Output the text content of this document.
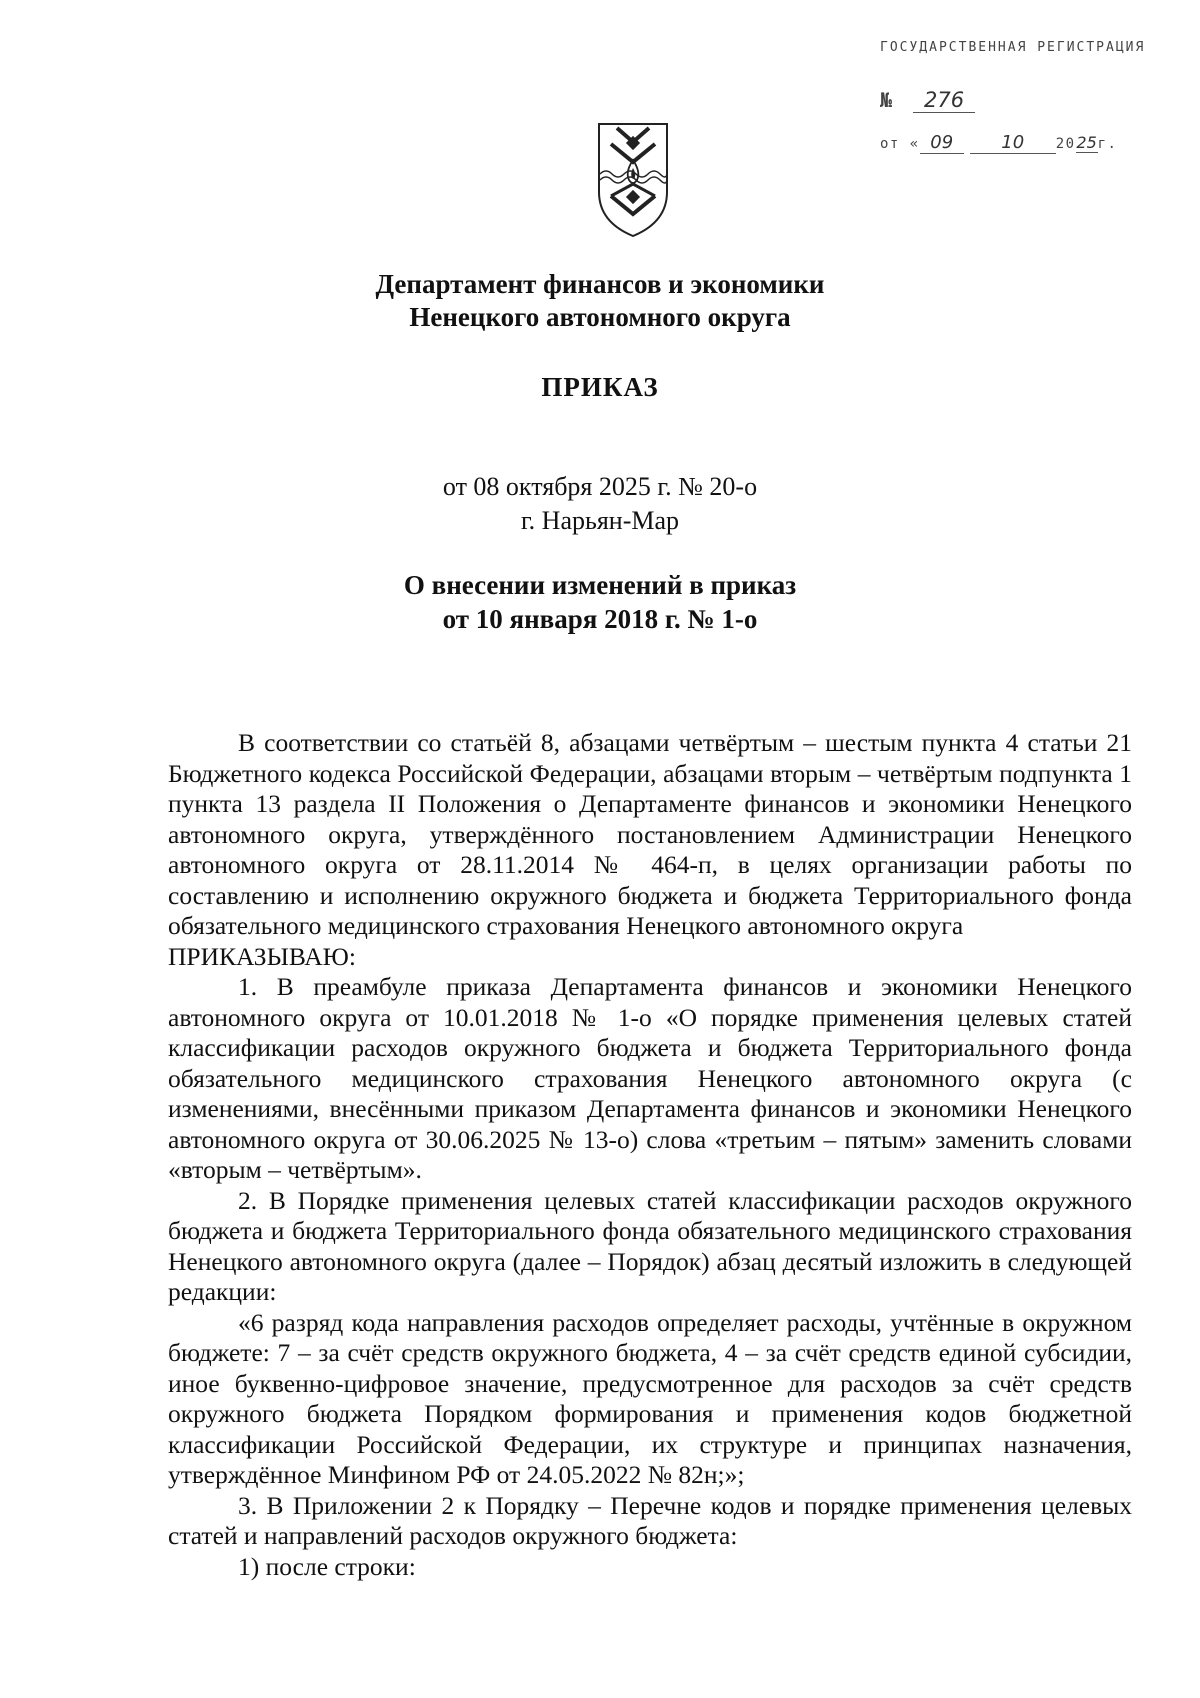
ГОСУДАРСТВЕННАЯ РЕГИСТРАЦИЯ
№ 276
от « 09	10 2025г.
Департамент финансов и экономики
Ненецкого автономного округа
ПРИКАЗ
от 08 октября 2025 г. № 20-о
г. Нарьян-Мар
О внесении изменений в приказ
от 10 января 2018 г. № 1-о

В соответствии со статьёй 8, абзацами четвёртым – шестым пункта 4 статьи 21 Бюджетного кодекса Российской Федерации, абзацами вторым – четвёртым подпункта 1 пункта 13 раздела II Положения о Департаменте финансов и экономики Ненецкого автономного округа, утверждённого постановлением Администрации Ненецкого автономного округа от 28.11.2014 № 464-п, в целях организации работы по составлению и исполнению окружного бюджета и бюджета Территориального фонда обязательного медицинского страхования Ненецкого автономного округа

ПРИКАЗЫВАЮ:

1. В преамбуле приказа Департамента финансов и экономики Ненецкого автономного округа от 10.01.2018 № 1-о «О порядке применения целевых статей классификации расходов окружного бюджета и бюджета Территориального фонда обязательного медицинского страхования Ненецкого автономного округа (с изменениями, внесёнными приказом Департамента финансов и экономики Ненецкого автономного округа от 30.06.2025 № 13-о) слова «третьим – пятым» заменить словами «вторым – четвёртым».

2. В Порядке применения целевых статей классификации расходов окружного бюджета и бюджета Территориального фонда обязательного медицинского страхования Ненецкого автономного округа (далее – Порядок) абзац десятый изложить в следующей редакции:

«6 разряд кода направления расходов определяет расходы, учтённые в окружном бюджете: 7 – за счёт средств окружного бюджета, 4 – за счёт средств единой субсидии, иное буквенно-цифровое значение, предусмотренное для расходов за счёт средств окружного бюджета Порядком формирования и применения кодов бюджетной классификации Российской Федерации, их структуре и принципах назначения, утверждённое Минфином РФ от 24.05.2022 № 82н;»;

3. В Приложении 2 к Порядку – Перечне кодов и порядке применения целевых статей и направлений расходов окружного бюджета:

1) после строки:
